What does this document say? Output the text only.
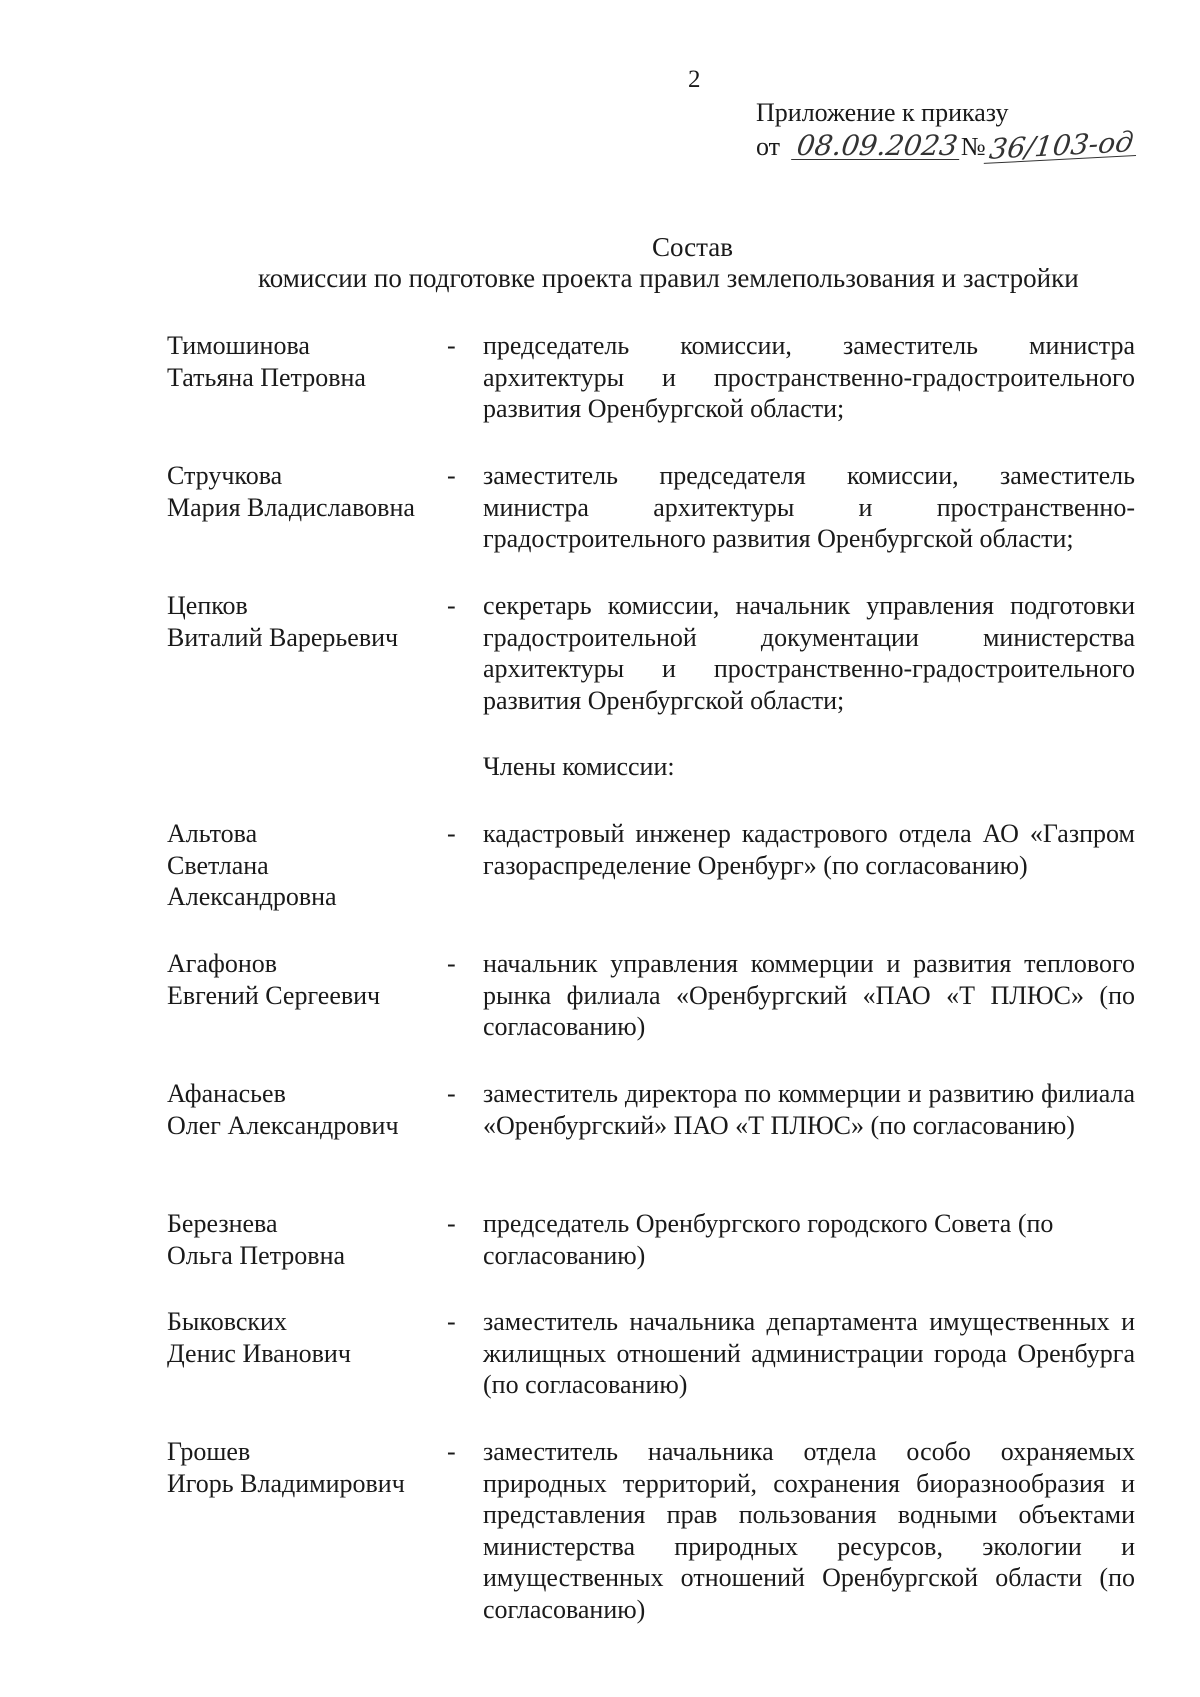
2
Приложение к приказу
от 08.09.2023№36/103-од
Состав
комиссии по подготовке проекта правил землепользования и застройки
Тимошинова
Татьяна Петровна
- председатель комиссии, заместитель министра архитектуры и пространственно-градостроительного развития Оренбургской области;
Стручкова
Мария Владиславовна
- заместитель председателя комиссии, заместитель министра архитектуры и пространственно-градостроительного развития Оренбургской области;
Цепков
Виталий Варерьевич
- секретарь комиссии, начальник управления подготовки градостроительной документации министерства архитектуры и пространственно-градостроительного развития Оренбургской области;
Члены комиссии:
Альтова
Светлана
Александровна
- кадастровый инженер кадастрового отдела АО «Газпром газораспределение Оренбург» (по согласованию)
Агафонов
Евгений Сергеевич
- начальник управления коммерции и развития теплового рынка филиала «Оренбургский «ПАО «Т ПЛЮС» (по согласованию)
Афанасьев
Олег Александрович
- заместитель директора по коммерции и развитию филиала «Оренбургский» ПАО «Т ПЛЮС» (по согласованию)
Березнева
Ольга Петровна
- председатель Оренбургского городского Совета (по согласованию)
Быковских
Денис Иванович
- заместитель начальника департамента имущественных и жилищных отношений администрации города Оренбурга (по согласованию)
Грошев
Игорь Владимирович
- заместитель начальника отдела особо охраняемых природных территорий, сохранения биоразнообразия и представления прав пользования водными объектами министерства природных ресурсов, экологии и имущественных отношений Оренбургской области (по согласованию)
